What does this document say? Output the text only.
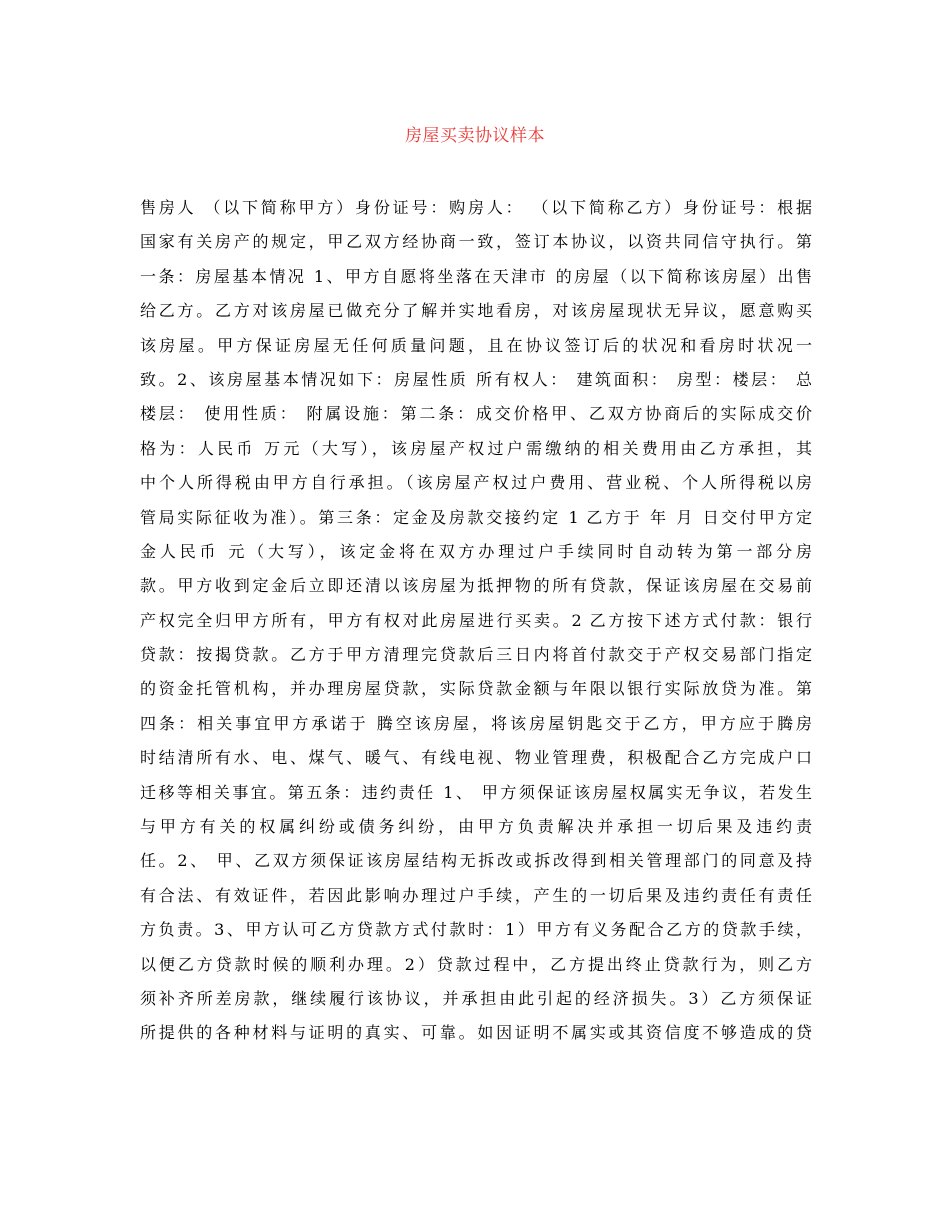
房屋买卖协议样本
售房人 （以下简称甲方）身份证号：购房人： （以下简称乙方）身份证号：根据
国家有关房产的规定，甲乙双方经协商一致，签订本协议，以资共同信守执行。第
一条：房屋基本情况 1、甲方自愿将坐落在天津市 的房屋（以下简称该房屋）出售
给乙方。乙方对该房屋已做充分了解并实地看房，对该房屋现状无异议，愿意购买
该房屋。甲方保证房屋无任何质量问题，且在协议签订后的状况和看房时状况一
致。2、该房屋基本情况如下：房屋性质 所有权人： 建筑面积： 房型：楼层： 总
楼层： 使用性质： 附属设施：第二条：成交价格甲、乙双方协商后的实际成交价
格为：人民币 万元（大写），该房屋产权过户需缴纳的相关费用由乙方承担，其
中个人所得税由甲方自行承担。（该房屋产权过户费用、营业税、个人所得税以房
管局实际征收为准）。第三条：定金及房款交接约定 1 乙方于 年 月 日交付甲方定
金人民币 元（大写），该定金将在双方办理过户手续同时自动转为第一部分房
款。甲方收到定金后立即还清以该房屋为抵押物的所有贷款，保证该房屋在交易前
产权完全归甲方所有，甲方有权对此房屋进行买卖。2 乙方按下述方式付款：银行
贷款：按揭贷款。乙方于甲方清理完贷款后三日内将首付款交于产权交易部门指定
的资金托管机构，并办理房屋贷款，实际贷款金额与年限以银行实际放贷为准。第
四条：相关事宜甲方承诺于 腾空该房屋，将该房屋钥匙交于乙方，甲方应于腾房
时结清所有水、电、煤气、暖气、有线电视、物业管理费，积极配合乙方完成户口
迁移等相关事宜。第五条：违约责任 1、 甲方须保证该房屋权属实无争议，若发生
与甲方有关的权属纠纷或债务纠纷，由甲方负责解决并承担一切后果及违约责
任。2、 甲、乙双方须保证该房屋结构无拆改或拆改得到相关管理部门的同意及持
有合法、有效证件，若因此影响办理过户手续，产生的一切后果及违约责任有责任
方负责。3、甲方认可乙方贷款方式付款时：1）甲方有义务配合乙方的贷款手续，
以便乙方贷款时候的顺利办理。2）贷款过程中，乙方提出终止贷款行为，则乙方
须补齐所差房款，继续履行该协议，并承担由此引起的经济损失。3）乙方须保证
所提供的各种材料与证明的真实、可靠。如因证明不属实或其资信度不够造成的贷
